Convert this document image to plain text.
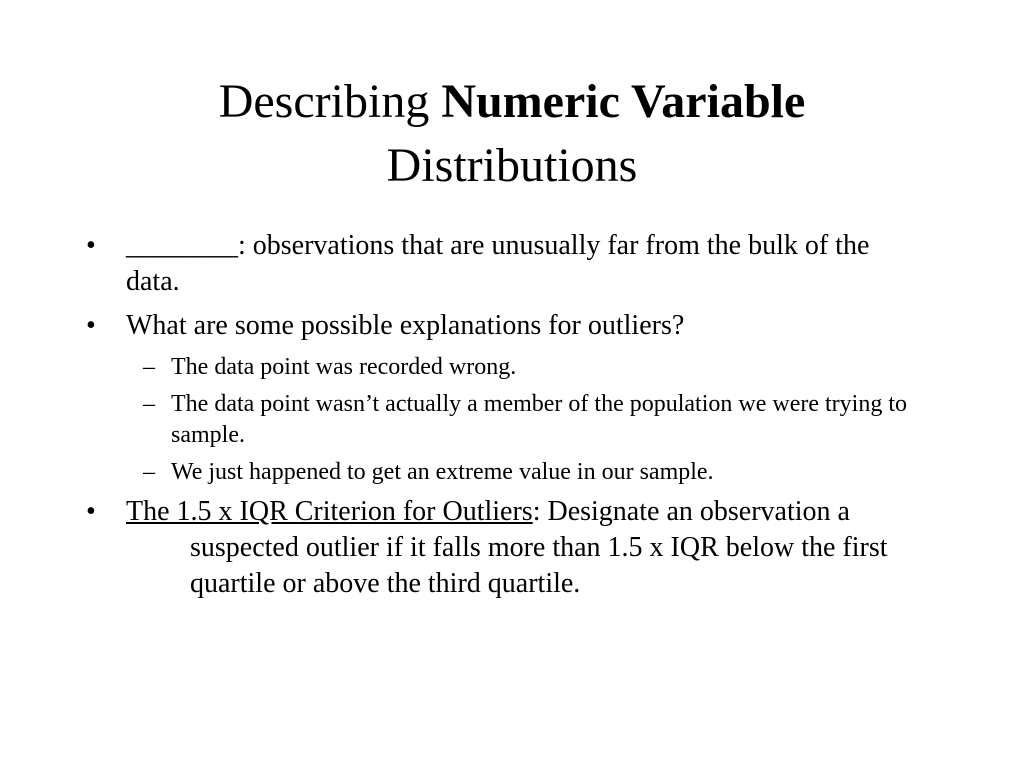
Describing Numeric Variable
Distributions
•	________: observations that are unusually far from the bulk of the data.
•	What are some possible explanations for outliers?
– The data point was recorded wrong.
– The data point wasn’t actually a member of the population we were trying to sample.
– We just happened to get an extreme value in our sample.
•	The 1.5 x IQR Criterion for Outliers: Designate an observation a suspected outlier if it falls more than 1.5 x IQR below the first quartile or above the third quartile.
